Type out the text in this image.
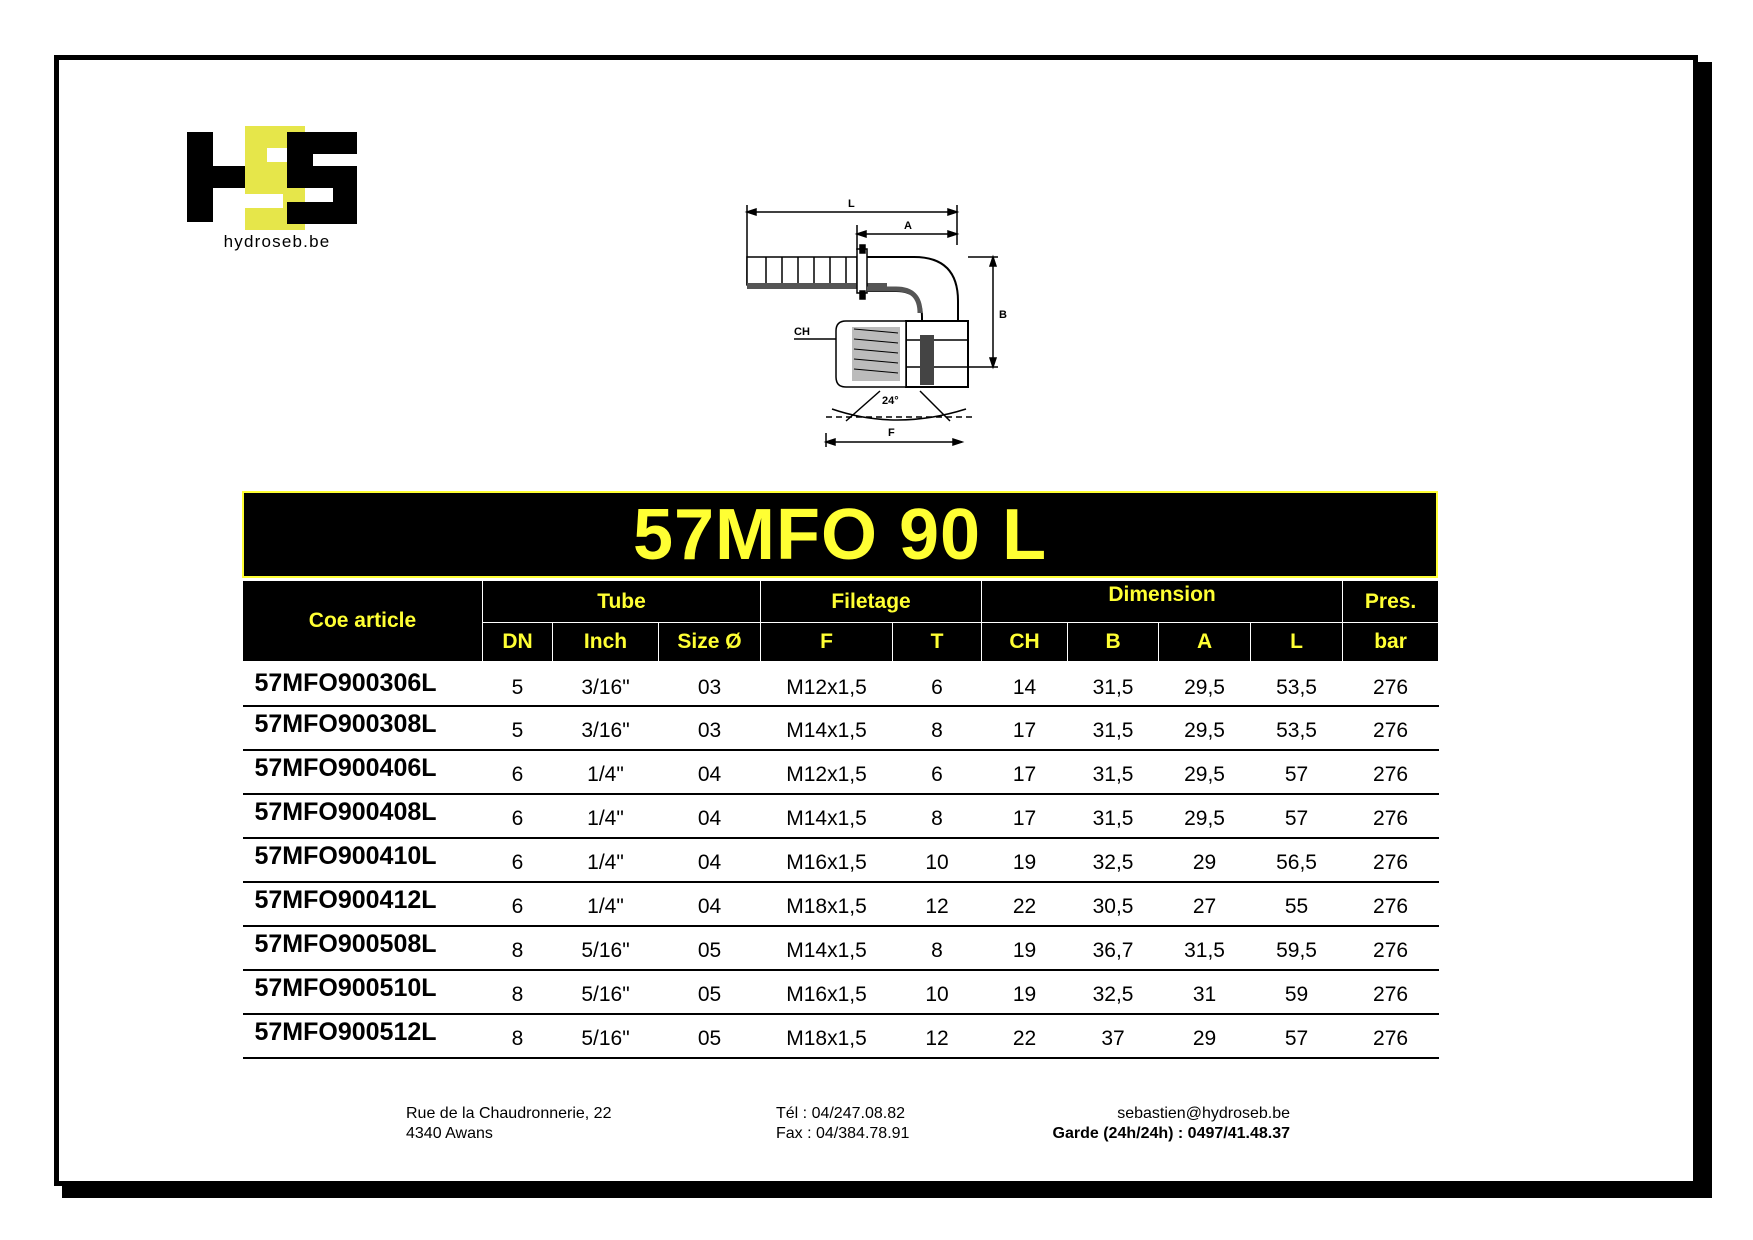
hydroseb.be
L
A
B
CH
24°
F
57MFO 90 L
Coe article	Tube			Filetage		Dimension				Pres.
	DN	Inch	Size Ø	F	T	CH	B	A	L	bar
57MFO900306L	5	3/16"	03	M12x1,5	6	14	31,5	29,5	53,5	276
57MFO900308L	5	3/16"	03	M14x1,5	8	17	31,5	29,5	53,5	276
57MFO900406L	6	1/4"	04	M12x1,5	6	17	31,5	29,5	57	276
57MFO900408L	6	1/4"	04	M14x1,5	8	17	31,5	29,5	57	276
57MFO900410L	6	1/4"	04	M16x1,5	10	19	32,5	29	56,5	276
57MFO900412L	6	1/4"	04	M18x1,5	12	22	30,5	27	55	276
57MFO900508L	8	5/16"	05	M14x1,5	8	19	36,7	31,5	59,5	276
57MFO900510L	8	5/16"	05	M16x1,5	10	19	32,5	31	59	276
57MFO900512L	8	5/16"	05	M18x1,5	12	22	37	29	57	276
Rue de la Chaudronnerie, 22
4340 Awans
Tél : 04/247.08.82
Fax : 04/384.78.91
sebastien@hydroseb.be
Garde (24h/24h) : 0497/41.48.37
